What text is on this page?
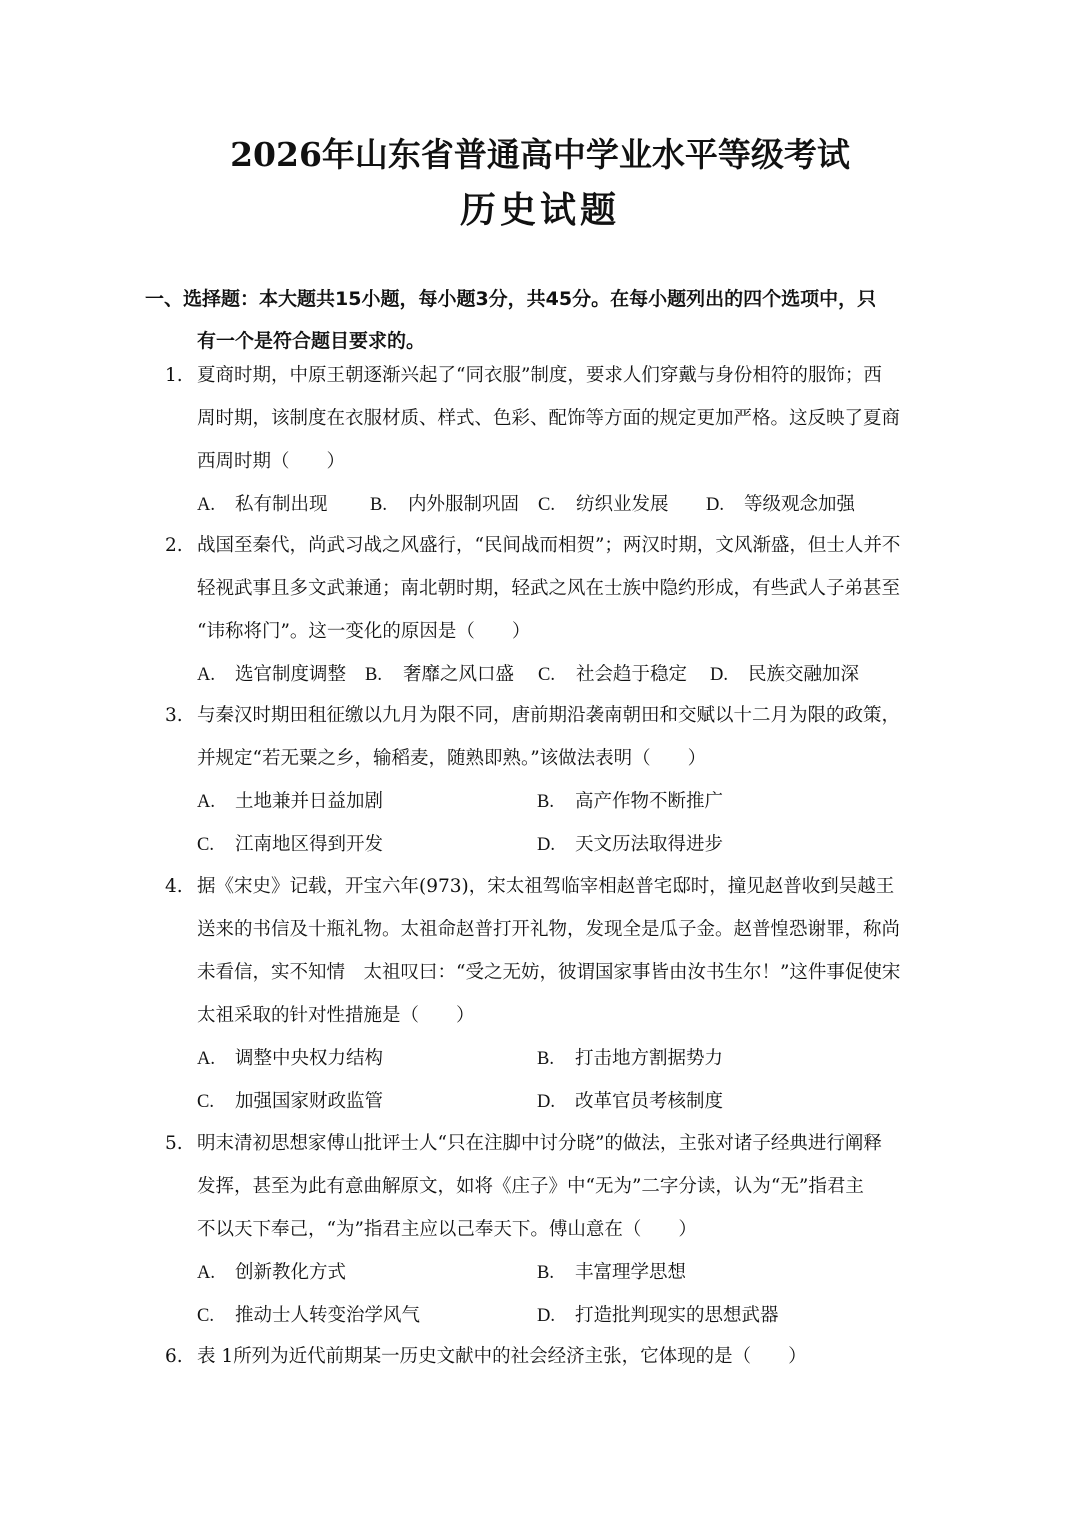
2026年山东省普通高中学业水平等级考试
历史试题
一、选择题：本大题共15小题，每小题3分，共45分。在每小题列出的四个选项中，只
有一个是符合题目要求的。
1. 夏商时期，中原王朝逐渐兴起了“同衣服”制度，要求人们穿戴与身份相符的服饰；西
周时期，该制度在衣服材质、样式、色彩、配饰等方面的规定更加严格。这反映了夏商
西周时期（　　）
A. 私有制出现 B. 内外服制巩固 C. 纺织业发展 D. 等级观念加强
2. 战国至秦代，尚武习战之风盛行，“民间战而相贺”；两汉时期，文风渐盛，但士人并不
轻视武事且多文武兼通；南北朝时期，轻武之风在士族中隐约形成，有些武人子弟甚至
“讳称将门”。这一变化的原因是（　　）
A. 选官制度调整 B. 奢靡之风口盛 C. 社会趋于稳定 D. 民族交融加深
3. 与秦汉时期田租征缴以九月为限不同，唐前期沿袭南朝田和交赋以十二月为限的政策，
并规定“若无粟之乡，输稻麦，随熟即熟。”该做法表明（　　）
A. 土地兼并日益加剧	B. 高产作物不断推广
C. 江南地区得到开发	D. 天文历法取得进步
4. 据《宋史》记载，开宝六年(973)，宋太祖驾临宰相赵普宅邸时，撞见赵普收到吴越王
送来的书信及十瓶礼物。太祖命赵普打开礼物，发现全是瓜子金。赵普惶恐谢罪，称尚
未看信，实不知情　太祖叹曰：“受之无妨，彼谓国家事皆由汝书生尔！”这件事促使宋
太祖采取的针对性措施是（　　）
A. 调整中央权力结构	B. 打击地方割据势力
C. 加强国家财政监管	D. 改革官员考核制度
5. 明末清初思想家傅山批评士人“只在注脚中讨分晓”的做法，主张对诸子经典进行阐释
发挥，甚至为此有意曲解原文，如将《庄子》中“无为”二字分读，认为“无”指君主
不以天下奉己，“为”指君主应以己奉天下。傅山意在（　　）
A. 创新教化方式	B. 丰富理学思想
C. 推动士人转变治学风气	D. 打造批判现实的思想武器
6. 表 1所列为近代前期某一历史文献中的社会经济主张，它体现的是（　　）
